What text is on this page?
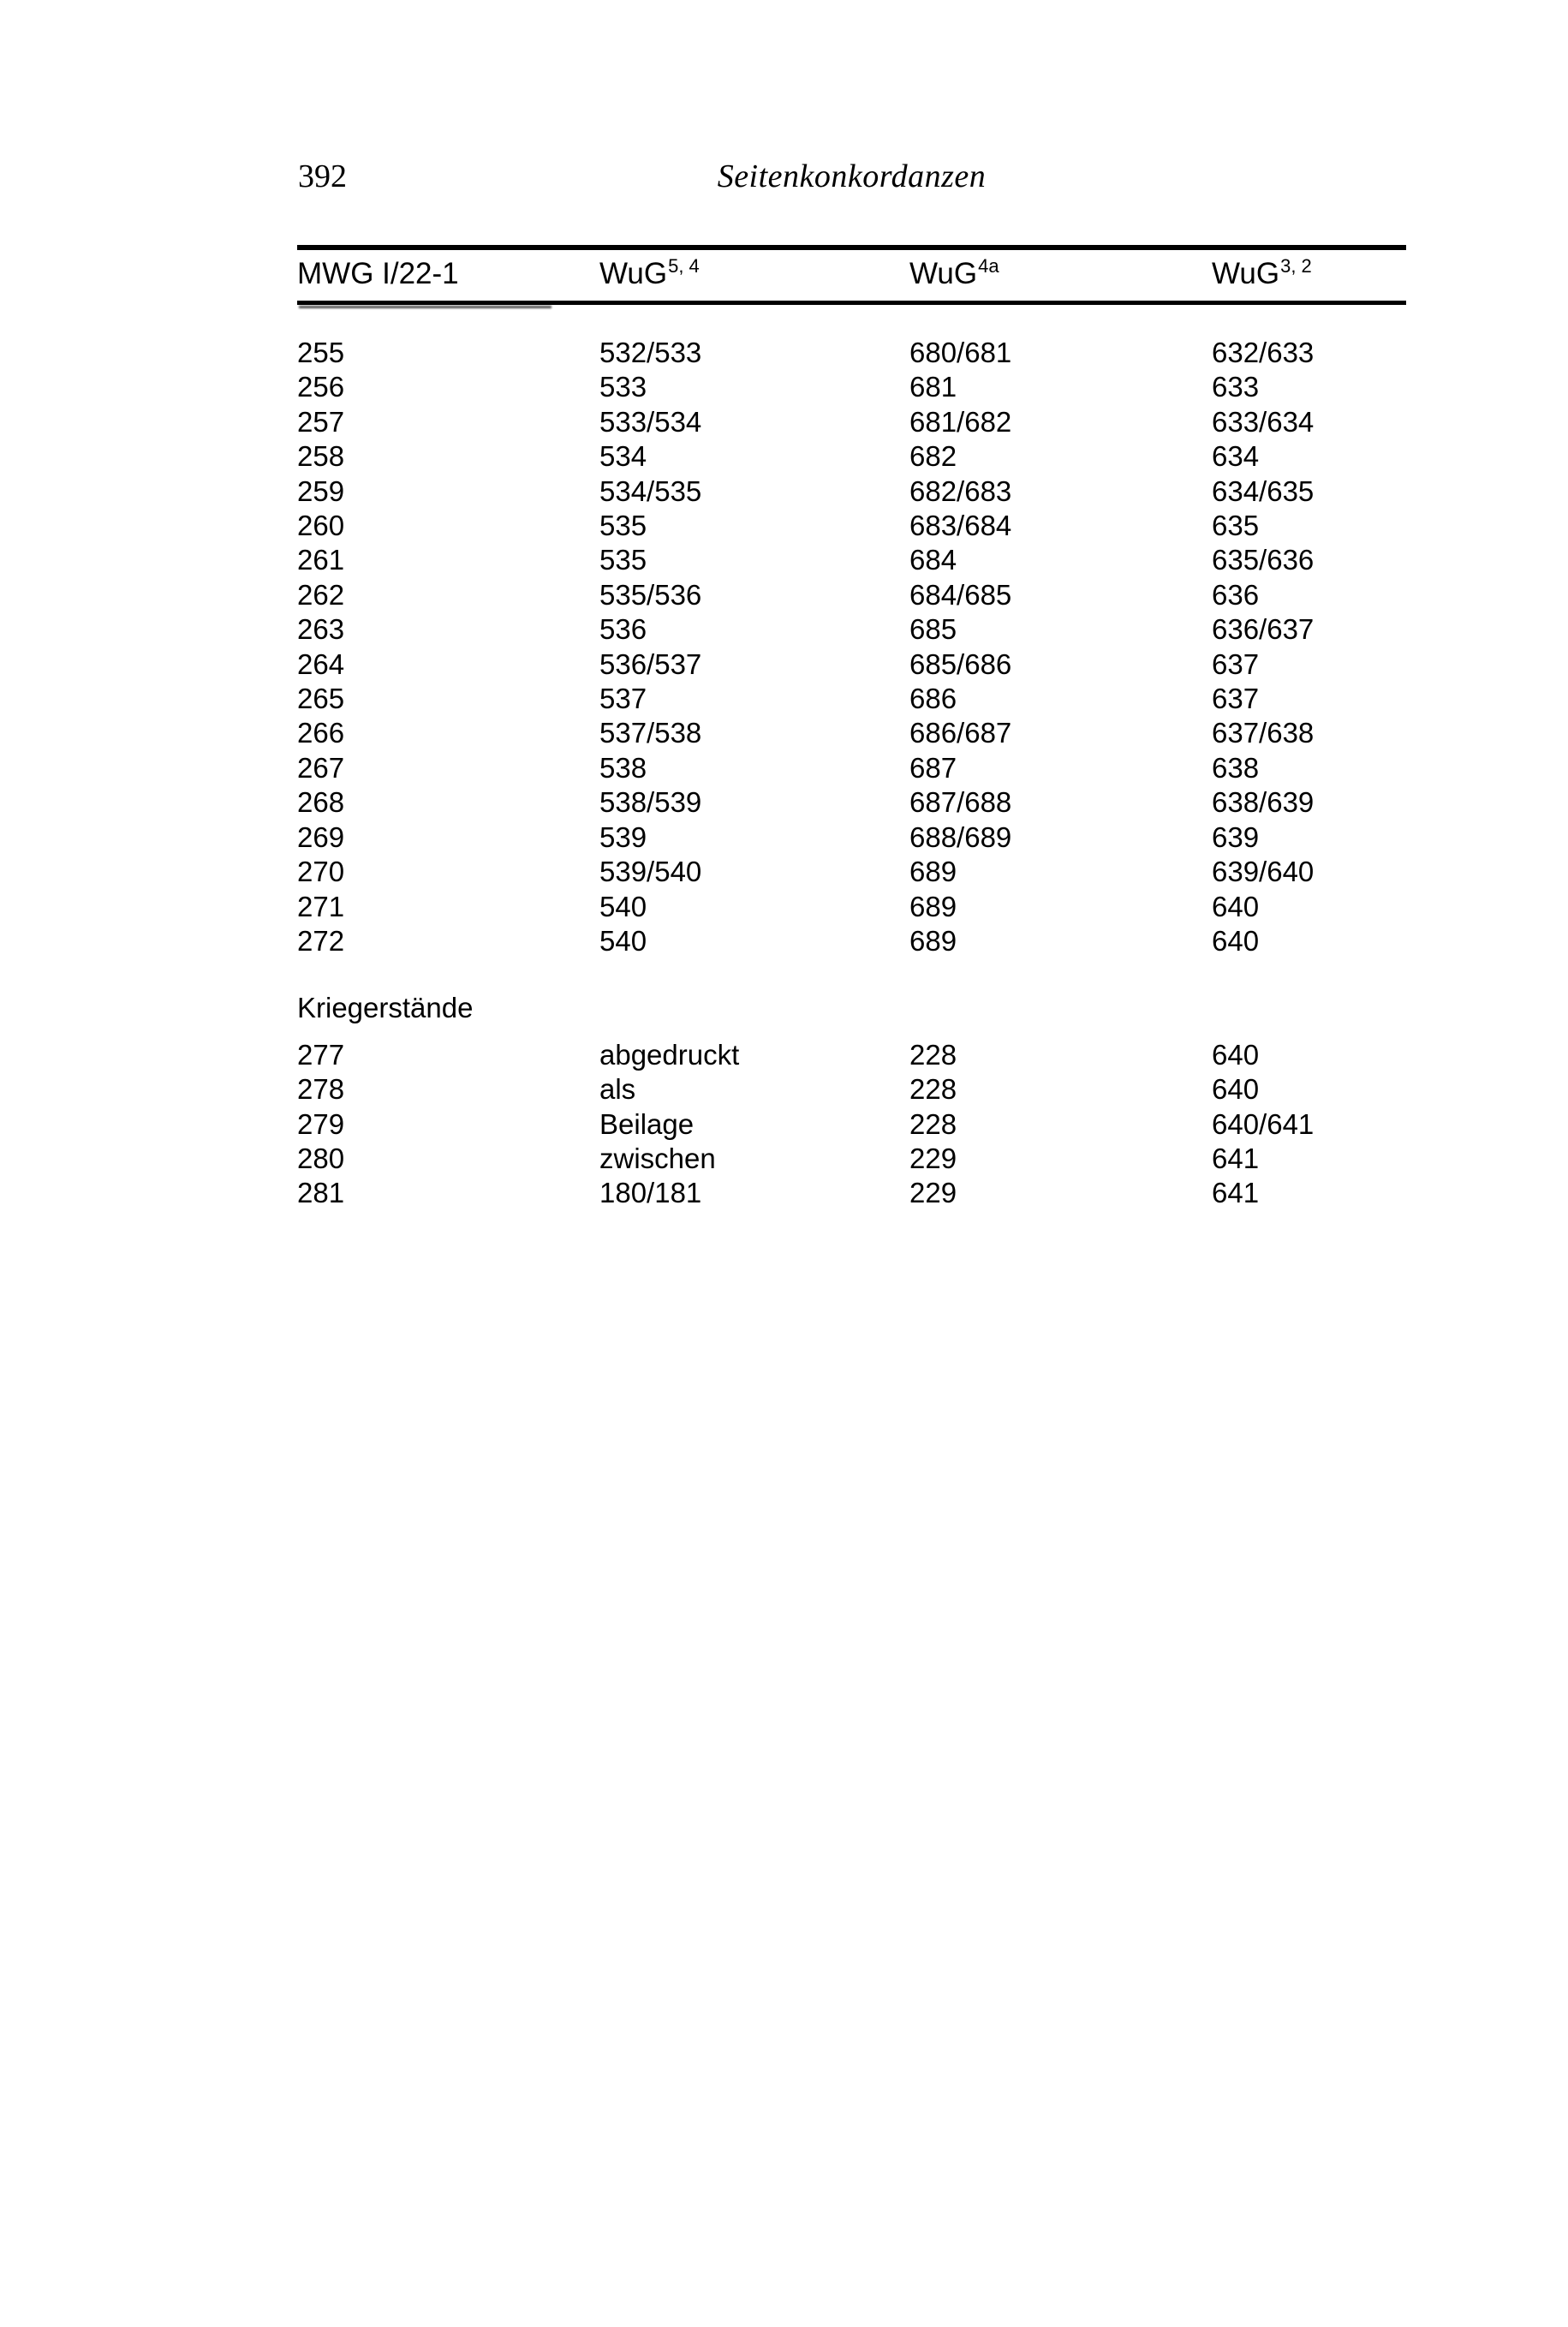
392	Seitenkonkordanzen
MWG I/22-1	WuG$^{5, 4}$	WuG$^{4a}$	WuG$^{3, 2}$
255	532/533	680/681	632/633
256	533	681	633
257	533/534	681/682	633/634
258	534	682	634
259	534/535	682/683	634/635
260	535	683/684	635
261	535	684	635/636
262	535/536	684/685	636
263	536	685	636/637
264	536/537	685/686	637
265	537	686	637
266	537/538	686/687	637/638
267	538	687	638
268	538/539	687/688	638/639
269	539	688/689	639
270	539/540	689	639/640
271	540	689	640
272	540	689	640
Kriegerstände
277	abgedruckt	228	640
278	als	228	640
279	Beilage	228	640/641
280	zwischen	229	641
281	180/181	229	641
